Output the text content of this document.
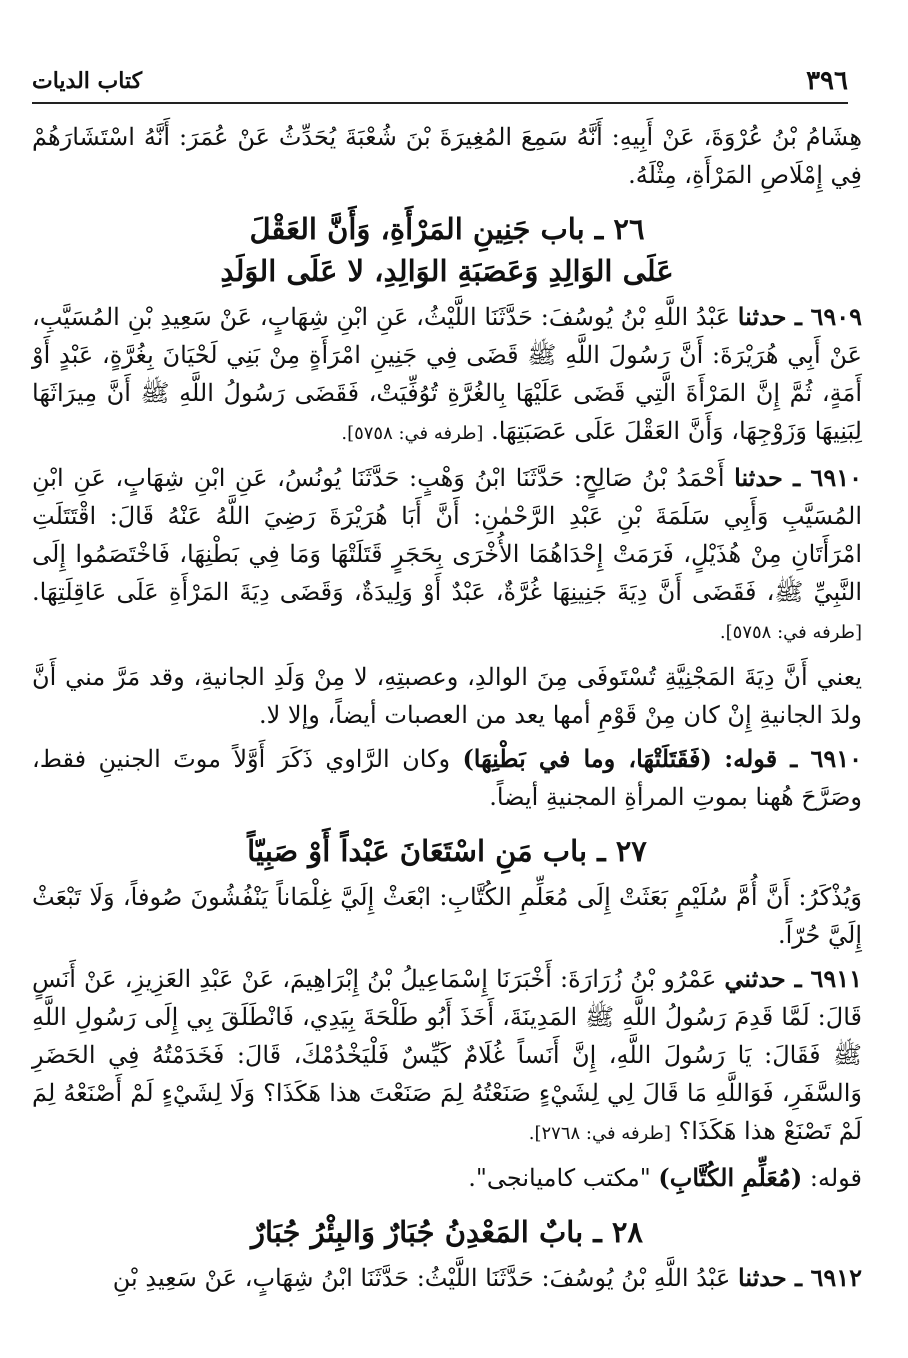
٣٩٦
كتاب الديات

هِشَامُ بْنُ عُرْوَةَ، عَنْ أَبِيهِ: أَنَّهُ سَمِعَ المُغِيرَةَ بْنَ شُعْبَةَ يُحَدِّثُ عَنْ عُمَرَ: أَنَّهُ اسْتَشَارَهُمْ فِي إِمْلَاصِ المَرْأَةِ، مِثْلَهُ.

٢٦ ـ باب جَنِينِ المَرْأَةِ، وَأَنَّ العَقْلَ
عَلَى الوَالِدِ وَعَصَبَةِ الوَالِدِ، لا عَلَى الوَلَدِ

٦٩٠٩ ـ حدثنا عَبْدُ اللَّهِ بْنُ يُوسُفَ: حَدَّثَنَا اللَّيْثُ، عَنِ ابْنِ شِهَابٍ، عَنْ سَعِيدِ بْنِ المُسَيَّبِ، عَنْ أَبِي هُرَيْرَةَ: أَنَّ رَسُولَ اللَّهِ ﷺ قَضَى فِي جَنِينِ امْرَأَةٍ مِنْ بَنِي لَحْيَانَ بِغُرَّةٍ، عَبْدٍ أَوْ أَمَةٍ، ثُمَّ إِنَّ المَرْأَةَ الَّتِي قَضَى عَلَيْهَا بِالغُرَّةِ تُوُفِّيَتْ، فَقَضَى رَسُولُ اللَّهِ ﷺ أَنَّ مِيرَاثَهَا لِبَنِيهَا وَزَوْجِهَا، وَأَنَّ العَقْلَ عَلَى عَصَبَتِهَا. [طرفه في: ٥٧٥٨].

٦٩١٠ ـ حدثنا أَحْمَدُ بْنُ صَالِحٍ: حَدَّثَنَا ابْنُ وَهْبٍ: حَدَّثَنَا يُونُسُ، عَنِ ابْنِ شِهَابٍ، عَنِ ابْنِ المُسَيَّبِ وَأَبِي سَلَمَةَ بْنِ عَبْدِ الرَّحْمٰنِ: أَنَّ أَبَا هُرَيْرَةَ رَضِيَ اللَّهُ عَنْهُ قَالَ: اقْتَتَلَتِ امْرَأَتَانِ مِنْ هُذَيْلٍ، فَرَمَتْ إِحْدَاهُمَا الأُخْرَى بِحَجَرٍ قَتَلَتْهَا وَمَا فِي بَطْنِهَا، فَاخْتَصَمُوا إِلَى النَّبِيِّ ﷺ، فَقَضَى أَنَّ دِيَةَ جَنِينِهَا غُرَّةٌ، عَبْدٌ أَوْ وَلِيدَةٌ، وَقَضَى دِيَةَ المَرْأَةِ عَلَى عَاقِلَتِهَا. [طرفه في: ٥٧٥٨].

يعني أَنَّ دِيَةَ المَجْنِيَّةِ تُسْتَوفَى مِنَ الوالدِ، وعصبتِهِ، لا مِنْ وَلَدِ الجانيةِ، وقد مَرَّ مني أَنَّ ولدَ الجانيةِ إِنْ كان مِنْ قَوْمِ أمها يعد من العصبات أيضاً، وإلا لا.

٦٩١٠ ـ قوله: (فَقَتَلَتْهَا، وما في بَطْنِهَا) وكان الرَّاوي ذَكَرَ أَوَّلاً موتَ الجنينِ فقط، وصَرَّحَ هُهنا بموتِ المرأةِ المجنيةِ أيضاً.

٢٧ ـ باب مَنِ اسْتَعَانَ عَبْداً أَوْ صَبِيّاً

وَيُذْكَرُ: أَنَّ أُمَّ سُلَيْمٍ بَعَثَتْ إِلَى مُعَلِّمِ الكُتَّابِ: ابْعَثْ إِلَيَّ غِلْمَاناً يَنْفُشُونَ صُوفاً، وَلَا تَبْعَثْ إِلَيَّ حُرّاً.

٦٩١١ ـ حدثني عَمْرُو بْنُ زُرَارَةَ: أَخْبَرَنَا إِسْمَاعِيلُ بْنُ إِبْرَاهِيمَ، عَنْ عَبْدِ العَزِيزِ، عَنْ أَنَسٍ قَالَ: لَمَّا قَدِمَ رَسُولُ اللَّهِ ﷺ المَدِينَةَ، أَخَذَ أَبُو طَلْحَةَ بِيَدِي، فَانْطَلَقَ بِي إِلَى رَسُولِ اللَّهِ ﷺ فَقَالَ: يَا رَسُولَ اللَّهِ، إِنَّ أَنَساً غُلَامٌ كَيِّسٌ فَلْيَخْدُمْكَ، قَالَ: فَخَدَمْتُهُ فِي الحَضَرِ وَالسَّفَرِ، فَوَاللَّهِ مَا قَالَ لِي لِشَيْءٍ صَنَعْتُهُ لِمَ صَنَعْتَ هذا هَكَذَا؟ وَلَا لِشَيْءٍ لَمْ أَصْنَعْهُ لِمَ لَمْ تَصْنَعْ هذا هَكَذَا؟ [طرفه في: ٢٧٦٨].

قوله: (مُعَلِّمِ الكُتَّابِ) "مكتب كامیانجی".

٢٨ ـ بابٌ المَعْدِنُ جُبَارٌ وَالبِئْرُ جُبَارٌ

٦٩١٢ ـ حدثنا عَبْدُ اللَّهِ بْنُ يُوسُفَ: حَدَّثَنَا اللَّيْثُ: حَدَّثَنَا ابْنُ شِهَابٍ، عَنْ سَعِيدِ بْنِ
